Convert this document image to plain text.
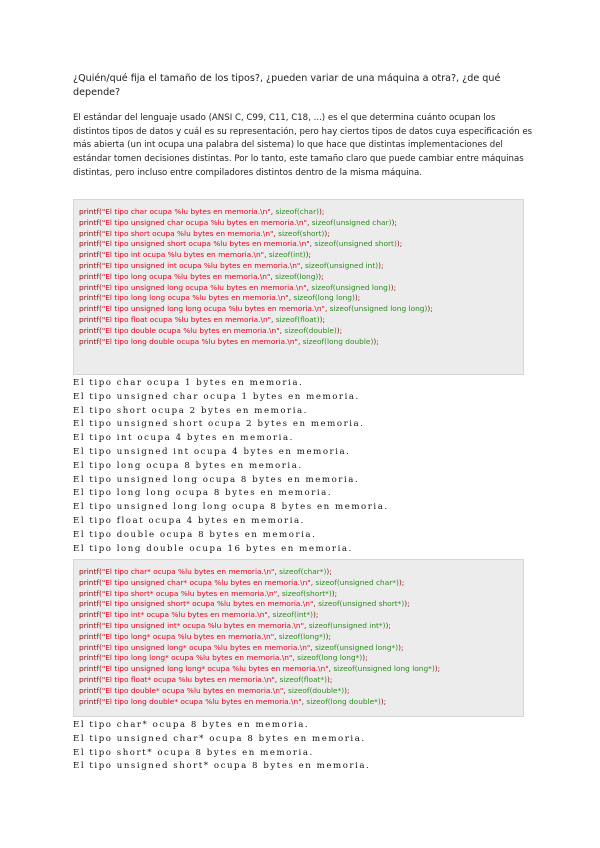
¿Quién/qué fija el tamaño de los tipos?, ¿pueden variar de una máquina a otra?, ¿de qué depende?
El estándar del lenguaje usado (ANSI C, C99, C11, C18, ...) es el que determina cuánto ocupan los distintos tipos de datos y cuál es su representación, pero hay ciertos tipos de datos cuya especificación es más abierta (un int ocupa una palabra del sistema) lo que hace que distintas implementaciones del estándar tomen decisiones distintas. Por lo tanto, este tamaño claro que puede cambiar entre máquinas distintas, pero incluso entre compiladores distintos dentro de la misma máquina.
printf("El tipo char ocupa %lu bytes en memoria.\n", sizeof(char));
printf("El tipo unsigned char ocupa %lu bytes en memoria.\n", sizeof(unsigned char));
printf("El tipo short ocupa %lu bytes en memoria.\n", sizeof(short));
printf("El tipo unsigned short ocupa %lu bytes en memoria.\n", sizeof(unsigned short));
printf("El tipo int ocupa %lu bytes en memoria.\n", sizeof(int));
printf("El tipo unsigned int ocupa %lu bytes en memoria.\n", sizeof(unsigned int));
printf("El tipo long ocupa %lu bytes en memoria.\n", sizeof(long));
printf("El tipo unsigned long ocupa %lu bytes en memoria.\n", sizeof(unsigned long));
printf("El tipo long long ocupa %lu bytes en memoria.\n", sizeof(long long));
printf("El tipo unsigned long long ocupa %lu bytes en memoria.\n", sizeof(unsigned long long));
printf("El tipo float ocupa %lu bytes en memoria.\n", sizeof(float));
printf("El tipo double ocupa %lu bytes en memoria.\n", sizeof(double));
printf("El tipo long double ocupa %lu bytes en memoria.\n", sizeof(long double));
El tipo char ocupa 1 bytes en memoria.
El tipo unsigned char ocupa 1 bytes en memoria.
El tipo short ocupa 2 bytes en memoria.
El tipo unsigned short ocupa 2 bytes en memoria.
El tipo int ocupa 4 bytes en memoria.
El tipo unsigned int ocupa 4 bytes en memoria.
El tipo long ocupa 8 bytes en memoria.
El tipo unsigned long ocupa 8 bytes en memoria.
El tipo long long ocupa 8 bytes en memoria.
El tipo unsigned long long ocupa 8 bytes en memoria.
El tipo float ocupa 4 bytes en memoria.
El tipo double ocupa 8 bytes en memoria.
El tipo long double ocupa 16 bytes en memoria.
printf("El tipo char* ocupa %lu bytes en memoria.\n", sizeof(char*));
printf("El tipo unsigned char* ocupa %lu bytes en memoria.\n", sizeof(unsigned char*));
printf("El tipo short* ocupa %lu bytes en memoria.\n", sizeof(short*));
printf("El tipo unsigned short* ocupa %lu bytes en memoria.\n", sizeof(unsigned short*));
printf("El tipo int* ocupa %lu bytes en memoria.\n", sizeof(int*));
printf("El tipo unsigned int* ocupa %lu bytes en memoria.\n", sizeof(unsigned int*));
printf("El tipo long* ocupa %lu bytes en memoria.\n", sizeof(long*));
printf("El tipo unsigned long* ocupa %lu bytes en memoria.\n", sizeof(unsigned long*));
printf("El tipo long long* ocupa %lu bytes en memoria.\n", sizeof(long long*));
printf("El tipo unsigned long long* ocupa %lu bytes en memoria.\n", sizeof(unsigned long long*));
printf("El tipo float* ocupa %lu bytes en memoria.\n", sizeof(float*));
printf("El tipo double* ocupa %lu bytes en memoria.\n", sizeof(double*));
printf("El tipo long double* ocupa %lu bytes en memoria.\n", sizeof(long double*));
El tipo char* ocupa 8 bytes en memoria.
El tipo unsigned char* ocupa 8 bytes en memoria.
El tipo short* ocupa 8 bytes en memoria.
El tipo unsigned short* ocupa 8 bytes en memoria.
